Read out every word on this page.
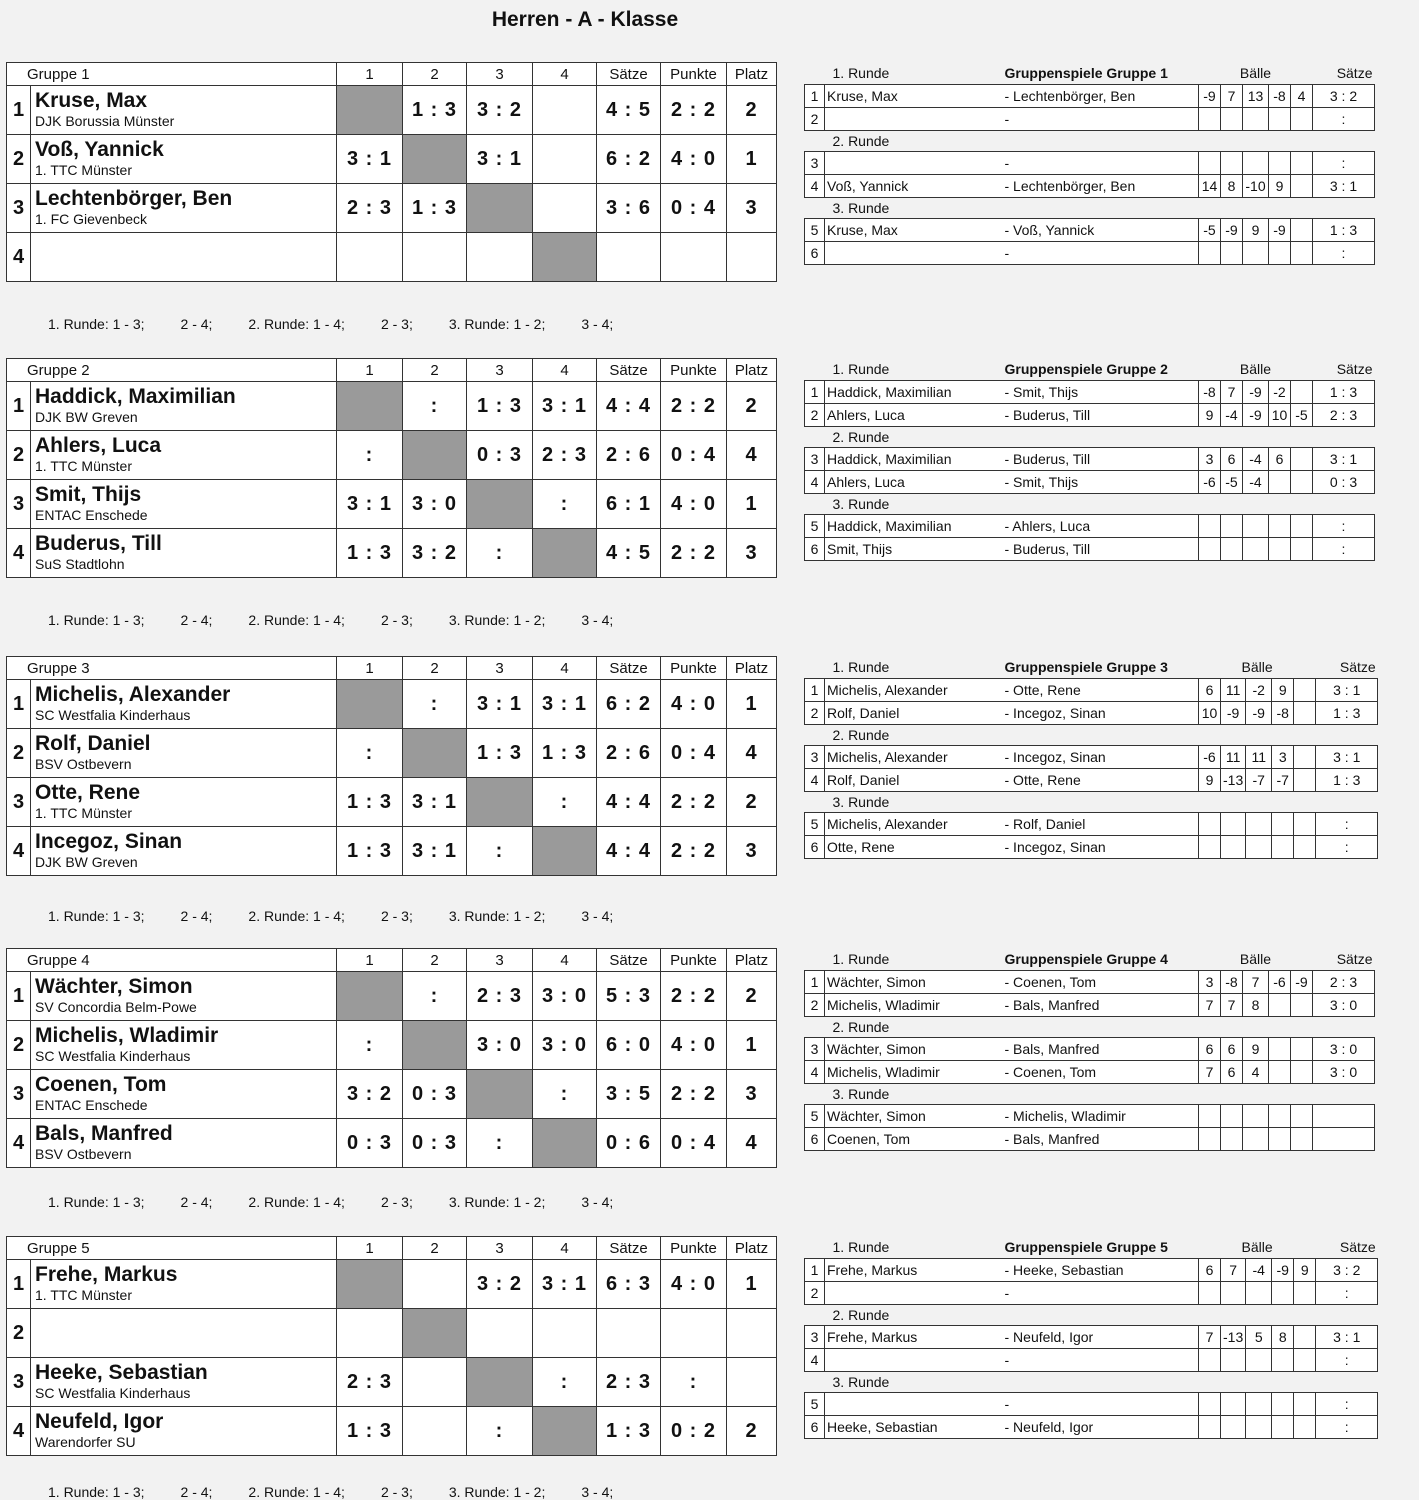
Herren - A - Klasse
Gruppe 1		1	2	3	4	Sätze	Punkte	Platz
1	Kruse, Max
DJK Borussia Münster		1 : 3	3 : 2		4 : 5	2 : 2	2
2	Voß, Yannick
1. TTC Münster	3 : 1		3 : 1		6 : 2	4 : 0	1
3	Lechtenbörger, Ben
1. FC Gievenbeck	2 : 3	1 : 3			3 : 6	0 : 4	3
4	

1. Runde		Gruppenspiele Gruppe 1	Bälle					Sätze
1	Kruse, Max	- Lechtenbörger, Ben	-9	7	13	-8	4	3 : 2
2		-						:
2. Runde								
3		-						:
4	Voß, Yannick	- Lechtenbörger, Ben	14	8	-10	9		3 : 1
3. Runde								
5	Kruse, Max	- Voß, Yannick	-5	-9	9	-9		1 : 3
6		-						:
Gruppe 2		1	2	3	4	Sätze	Punkte	Platz
1	Haddick, Maximilian
DJK BW Greven		:	1 : 3	3 : 1	4 : 4	2 : 2	2
2	Ahlers, Luca
1. TTC Münster	:		0 : 3	2 : 3	2 : 6	0 : 4	4
3	Smit, Thijs
ENTAC Enschede	3 : 1	3 : 0		:	6 : 1	4 : 0	1
4	Buderus, Till
SuS Stadtlohn	1 : 3	3 : 2	:		4 : 5	2 : 2	3
1. Runde		Gruppenspiele Gruppe 2	Bälle					Sätze
1	Haddick, Maximilian	- Smit, Thijs	-8	7	-9	-2		1 : 3
2	Ahlers, Luca	- Buderus, Till	9	-4	-9	10	-5	2 : 3
2. Runde								
3	Haddick, Maximilian	- Buderus, Till	3	6	-4	6		3 : 1
4	Ahlers, Luca	- Smit, Thijs	-6	-5	-4			0 : 3
3. Runde								
5	Haddick, Maximilian	- Ahlers, Luca						:
6	Smit, Thijs	- Buderus, Till						:
Gruppe 3		1	2	3	4	Sätze	Punkte	Platz
1	Michelis, Alexander
SC Westfalia Kinderhaus		:	3 : 1	3 : 1	6 : 2	4 : 0	1
2	Rolf, Daniel
BSV Ostbevern	:		1 : 3	1 : 3	2 : 6	0 : 4	4
3	Otte, Rene
1. TTC Münster	1 : 3	3 : 1		:	4 : 4	2 : 2	2
4	Incegoz, Sinan
DJK BW Greven	1 : 3	3 : 1	:		4 : 4	2 : 2	3
1. Runde		Gruppenspiele Gruppe 3	Bälle					Sätze
1	Michelis, Alexander	- Otte, Rene	6	11	-2	9		3 : 1
2	Rolf, Daniel	- Incegoz, Sinan	10	-9	-9	-8		1 : 3
2. Runde								
3	Michelis, Alexander	- Incegoz, Sinan	-6	11	11	3		3 : 1
4	Rolf, Daniel	- Otte, Rene	9	-13	-7	-7		1 : 3
3. Runde								
5	Michelis, Alexander	- Rolf, Daniel						:
6	Otte, Rene	- Incegoz, Sinan						:
Gruppe 4		1	2	3	4	Sätze	Punkte	Platz
1	Wächter, Simon
SV Concordia Belm-Powe		:	2 : 3	3 : 0	5 : 3	2 : 2	2
2	Michelis, Wladimir
SC Westfalia Kinderhaus	:		3 : 0	3 : 0	6 : 0	4 : 0	1
3	Coenen, Tom
ENTAC Enschede	3 : 2	0 : 3		:	3 : 5	2 : 2	3
4	Bals, Manfred
BSV Ostbevern	0 : 3	0 : 3	:		0 : 6	0 : 4	4
1. Runde		Gruppenspiele Gruppe 4	Bälle					Sätze
1	Wächter, Simon	- Coenen, Tom	3	-8	7	-6	-9	2 : 3
2	Michelis, Wladimir	- Bals, Manfred	7	7	8			3 : 0
2. Runde								
3	Wächter, Simon	- Bals, Manfred	6	6	9			3 : 0
4	Michelis, Wladimir	- Coenen, Tom	7	6	4			3 : 0
3. Runde								
5	Wächter, Simon	- Michelis, Wladimir						
6	Coenen, Tom	- Bals, Manfred						
Gruppe 5		1	2	3	4	Sätze	Punkte	Platz
1	Frehe, Markus
1. TTC Münster			3 : 2	3 : 1	6 : 3	4 : 0	1
2	

3	Heeke, Sebastian
SC Westfalia Kinderhaus	2 : 3			:	2 : 3	:	
4	Neufeld, Igor
Warendorfer SU	1 : 3		:		1 : 3	0 : 2	2
1. Runde		Gruppenspiele Gruppe 5	Bälle					Sätze
1	Frehe, Markus	- Heeke, Sebastian	6	7	-4	-9	9	3 : 2
2		-						:
2. Runde								
3	Frehe, Markus	- Neufeld, Igor	7	-13	5	8		3 : 1
4		-						:
3. Runde								
5		-						:
6	Heeke, Sebastian	- Neufeld, Igor						:
1. Runde: 1 - 3;	2 - 4;	2. Runde: 1 - 4;	2 - 3;	3. Runde: 1 - 2;	3 - 4;
1. Runde: 1 - 3;	2 - 4;	2. Runde: 1 - 4;	2 - 3;	3. Runde: 1 - 2;	3 - 4;
1. Runde: 1 - 3;	2 - 4;	2. Runde: 1 - 4;	2 - 3;	3. Runde: 1 - 2;	3 - 4;
1. Runde: 1 - 3;	2 - 4;	2. Runde: 1 - 4;	2 - 3;	3. Runde: 1 - 2;	3 - 4;
1. Runde: 1 - 3;	2 - 4;	2. Runde: 1 - 4;	2 - 3;	3. Runde: 1 - 2;	3 - 4;
